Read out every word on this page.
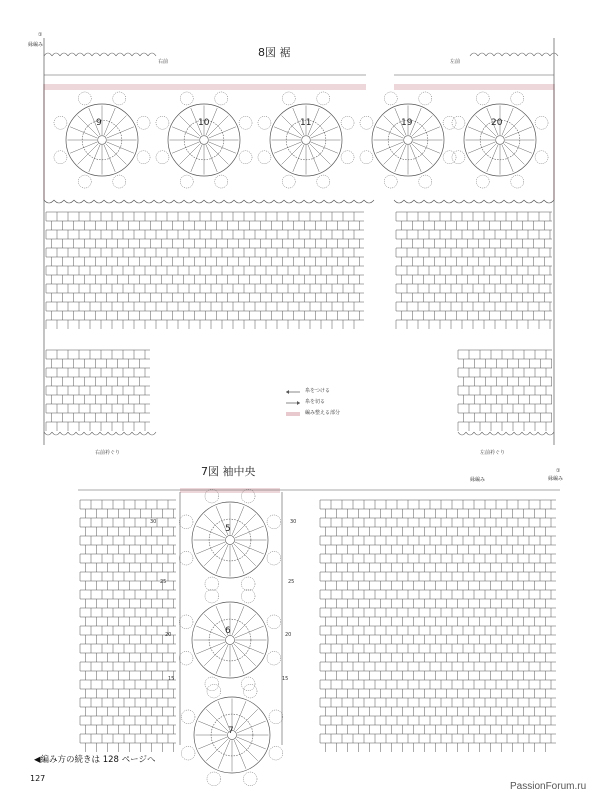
8図 裾
右前	左前
縁編み
①
9	10	11	19	20
右前衿ぐり	左前衿ぐり
縁編み
糸をつける
糸を切る
編み整える部分
7図 袖中央
縁編み
①
5
6
7
30
25
20
15
30
25
20
15
◀編み方の続きは 128 ページへ
127
PassionForum.ru
